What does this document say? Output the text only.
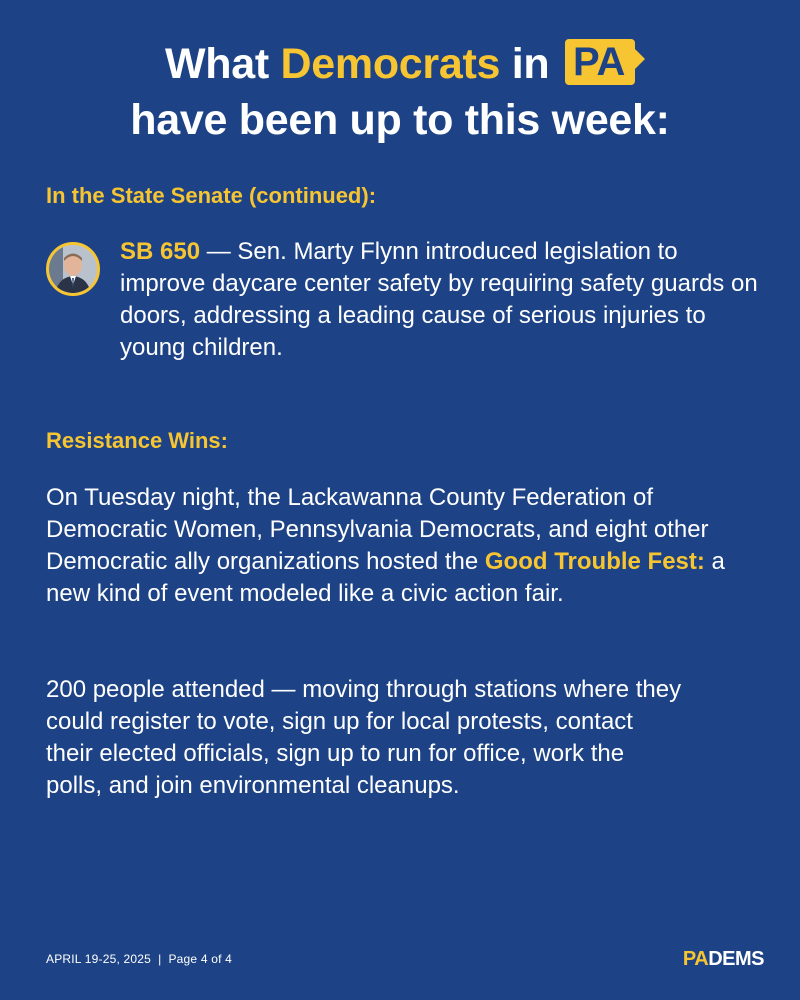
What Democrats in PA
have been up to this week:
In the State Senate (continued):
SB 650 — Sen. Marty Flynn introduced legislation to improve daycare center safety by requiring safety guards on doors, addressing a leading cause of serious injuries to young children.
Resistance Wins:
On Tuesday night, the Lackawanna County Federation of Democratic Women, Pennsylvania Democrats, and eight other Democratic ally organizations hosted the Good Trouble Fest: a new kind of event modeled like a civic action fair.
200 people attended — moving through stations where they could register to vote, sign up for local protests, contact their elected officials, sign up to run for office, work the polls, and join environmental cleanups.
APRIL 19-25, 2025  |  Page 4 of 4	PADEMS
